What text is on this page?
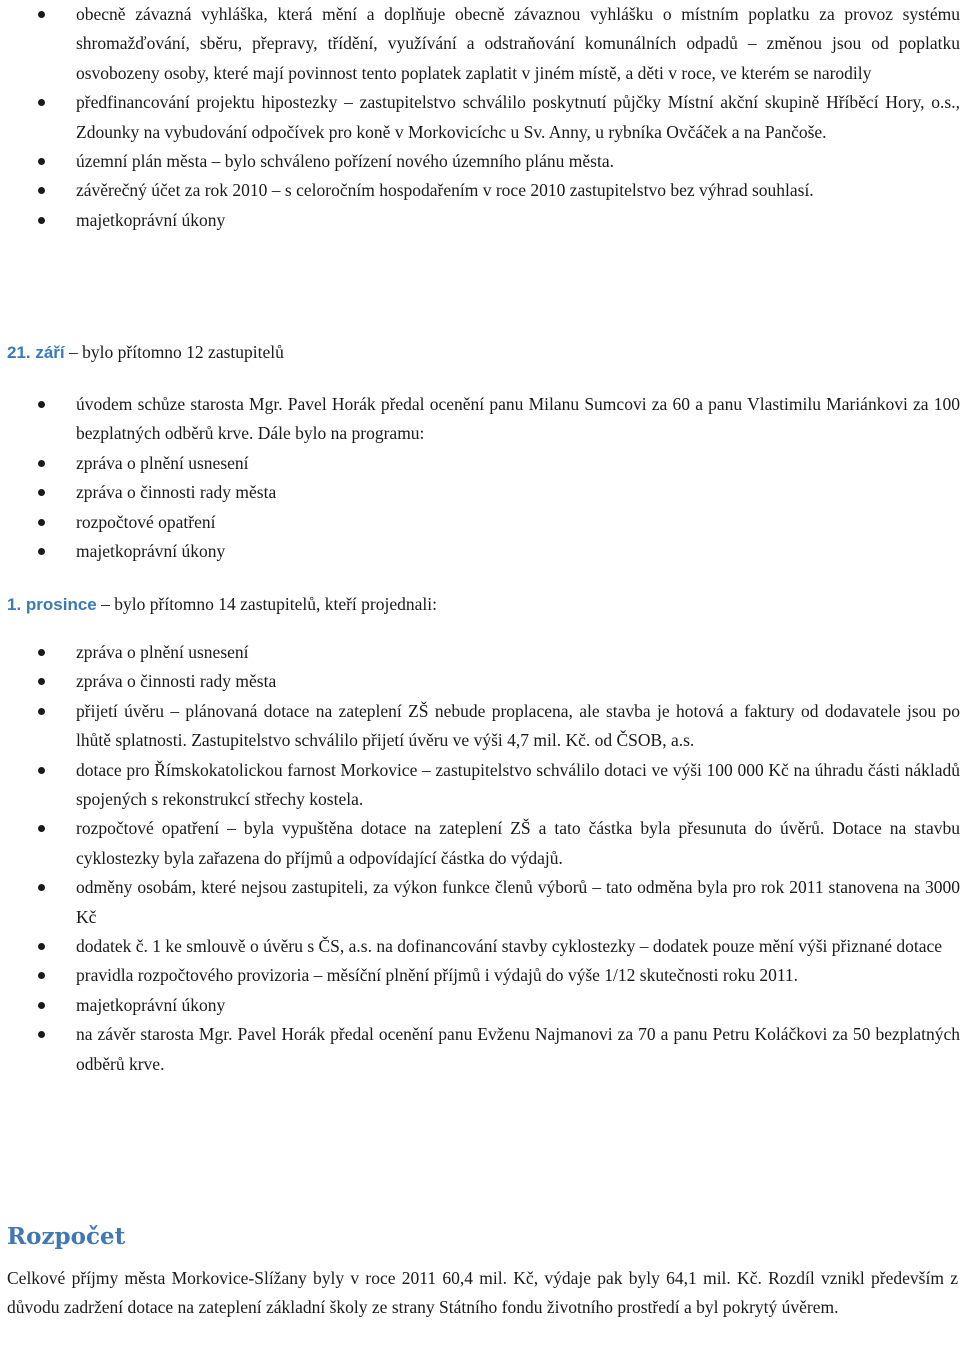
obecně závazná vyhláška, která mění a doplňuje obecně závaznou vyhlášku o místním poplatku za provoz systému shromažďování, sběru, přepravy, třídění, využívání a odstraňování komunálních odpadů – změnou jsou od poplatku osvobozeny osoby, které mají povinnost tento poplatek zaplatit v jiném místě, a děti v roce, ve kterém se narodily
předfinancování projektu hipostezky – zastupitelstvo schválilo poskytnutí půjčky Místní akční skupině Hříběcí Hory, o.s., Zdounky na vybudování odpočívek pro koně v Morkovicíchc u Sv. Anny, u rybníka Ovčáček a na Pančoše.
územní plán města – bylo schváleno pořízení nového územního plánu města.
závěrečný účet za rok 2010 – s celoročním hospodařením v roce 2010 zastupitelstvo bez výhrad souhlasí.
majetkoprávní úkony
21. září – bylo přítomno 12 zastupitelů
úvodem schůze starosta Mgr. Pavel Horák předal ocenění panu Milanu Sumcovi za 60 a panu Vlastimilu Mariánkovi za 100 bezplatných odběrů krve. Dále bylo na programu:
zpráva o plnění usnesení
zpráva o činnosti rady města
rozpočtové opatření
majetkoprávní úkony
1. prosince – bylo přítomno 14 zastupitelů, kteří projednali:
zpráva o plnění usnesení
zpráva o činnosti rady města
přijetí úvěru – plánovaná dotace na zateplení ZŠ nebude proplacena, ale stavba je hotová a faktury od dodavatele jsou po lhůtě splatnosti. Zastupitelstvo schválilo přijetí úvěru ve výši 4,7 mil. Kč. od ČSOB, a.s.
dotace pro Římskokatolickou farnost Morkovice – zastupitelstvo schválilo dotaci ve výši 100 000 Kč na úhradu části nákladů spojených s rekonstrukcí střechy kostela.
rozpočtové opatření – byla vypuštěna dotace na zateplení ZŠ a tato částka byla přesunuta do úvěrů. Dotace na stavbu cyklostezky byla zařazena do příjmů a odpovídající částka do výdajů.
odměny osobám, které nejsou zastupiteli, za výkon funkce členů výborů – tato odměna byla pro rok 2011 stanovena na 3000 Kč
dodatek č. 1 ke smlouvě o úvěru s ČS, a.s. na dofinancování stavby cyklostezky – dodatek pouze mění výši přiznané dotace
pravidla rozpočtového provizoria – měsíční plnění příjmů i výdajů do výše 1/12 skutečnosti roku 2011.
majetkoprávní úkony
na závěr starosta Mgr. Pavel Horák předal ocenění panu Evženu Najmanovi za 70 a panu Petru Koláčkovi za 50 bezplatných odběrů krve.
Rozpočet
Celkové příjmy města Morkovice-Slížany byly v roce 2011 60,4 mil. Kč, výdaje pak byly 64,1 mil. Kč. Rozdíl vznikl především z důvodu zadržení dotace na zateplení základní školy ze strany Státního fondu životního prostředí a byl pokrytý úvěrem.
